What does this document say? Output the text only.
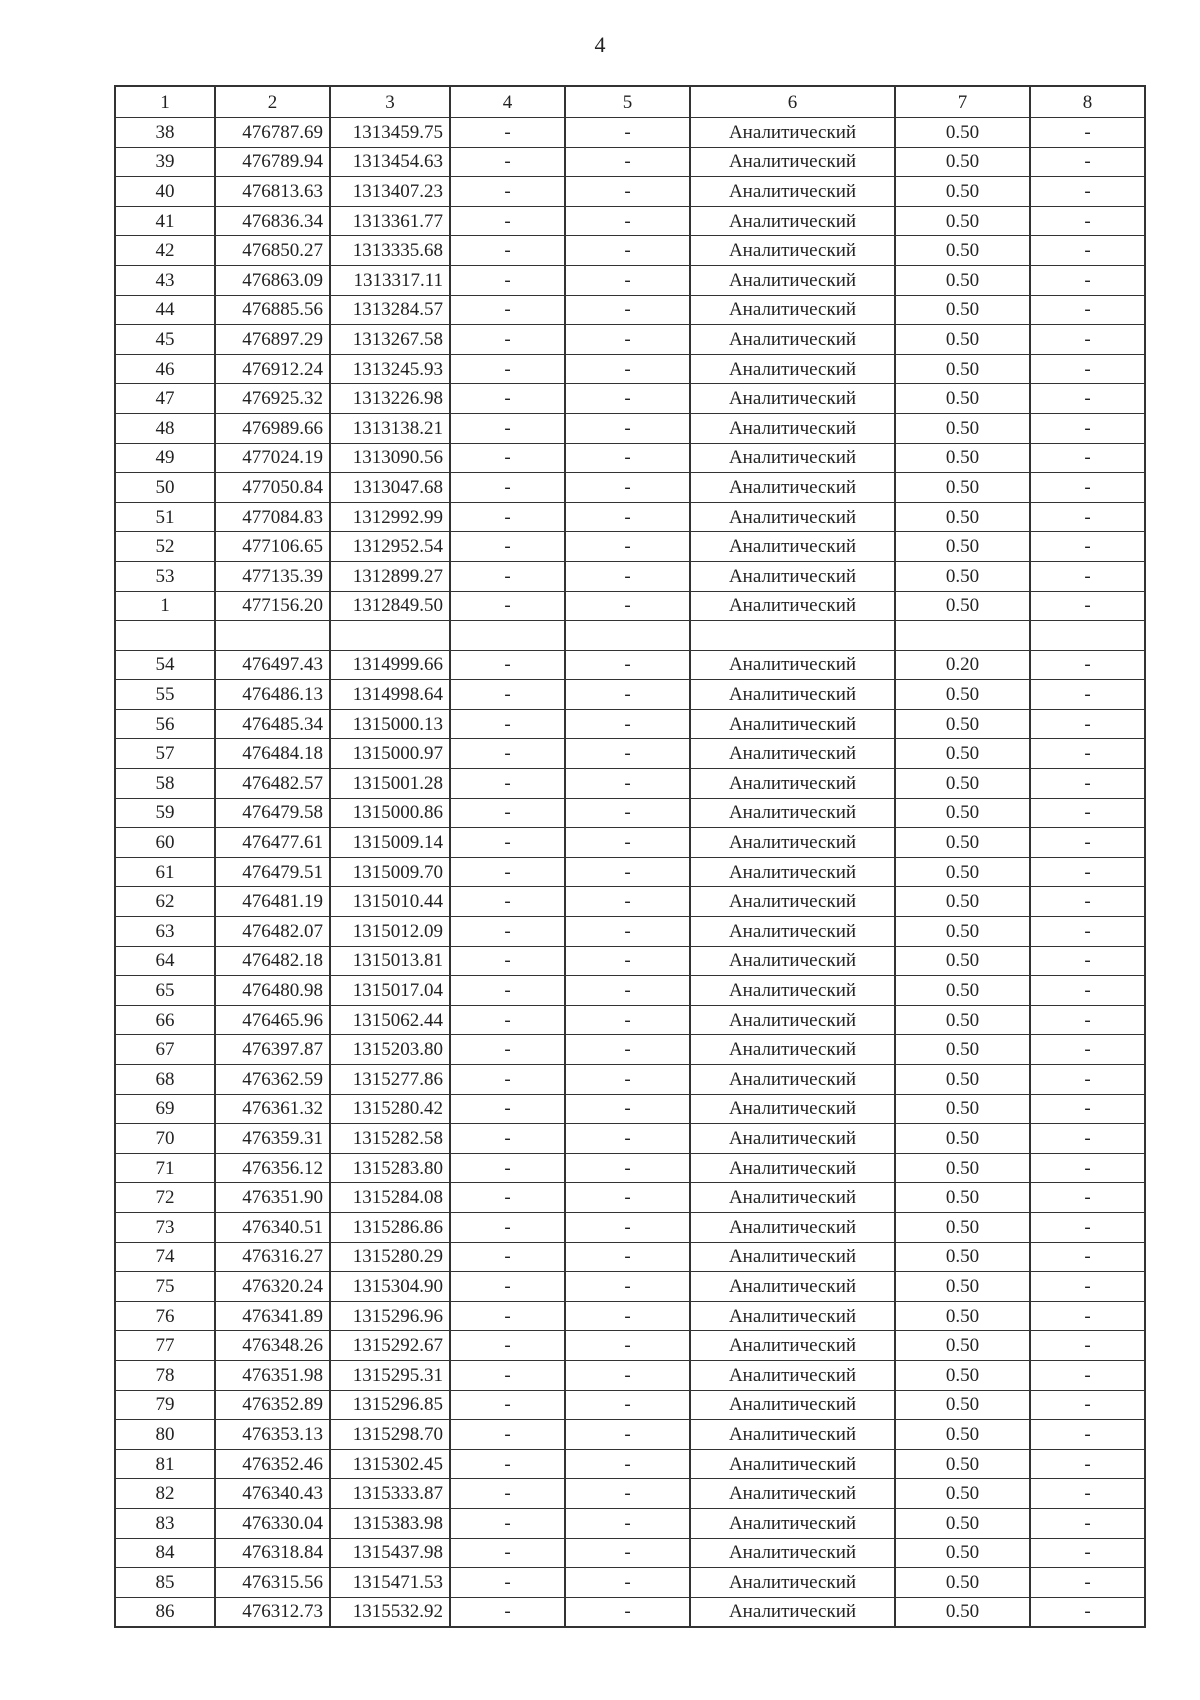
4
1	2	3	4	5	6	7	8
38	476787.69	1313459.75	-	-	Аналитический	0.50	-
39	476789.94	1313454.63	-	-	Аналитический	0.50	-
40	476813.63	1313407.23	-	-	Аналитический	0.50	-
41	476836.34	1313361.77	-	-	Аналитический	0.50	-
42	476850.27	1313335.68	-	-	Аналитический	0.50	-
43	476863.09	1313317.11	-	-	Аналитический	0.50	-
44	476885.56	1313284.57	-	-	Аналитический	0.50	-
45	476897.29	1313267.58	-	-	Аналитический	0.50	-
46	476912.24	1313245.93	-	-	Аналитический	0.50	-
47	476925.32	1313226.98	-	-	Аналитический	0.50	-
48	476989.66	1313138.21	-	-	Аналитический	0.50	-
49	477024.19	1313090.56	-	-	Аналитический	0.50	-
50	477050.84	1313047.68	-	-	Аналитический	0.50	-
51	477084.83	1312992.99	-	-	Аналитический	0.50	-
52	477106.65	1312952.54	-	-	Аналитический	0.50	-
53	477135.39	1312899.27	-	-	Аналитический	0.50	-
1	477156.20	1312849.50	-	-	Аналитический	0.50	-

54	476497.43	1314999.66	-	-	Аналитический	0.20	-
55	476486.13	1314998.64	-	-	Аналитический	0.50	-
56	476485.34	1315000.13	-	-	Аналитический	0.50	-
57	476484.18	1315000.97	-	-	Аналитический	0.50	-
58	476482.57	1315001.28	-	-	Аналитический	0.50	-
59	476479.58	1315000.86	-	-	Аналитический	0.50	-
60	476477.61	1315009.14	-	-	Аналитический	0.50	-
61	476479.51	1315009.70	-	-	Аналитический	0.50	-
62	476481.19	1315010.44	-	-	Аналитический	0.50	-
63	476482.07	1315012.09	-	-	Аналитический	0.50	-
64	476482.18	1315013.81	-	-	Аналитический	0.50	-
65	476480.98	1315017.04	-	-	Аналитический	0.50	-
66	476465.96	1315062.44	-	-	Аналитический	0.50	-
67	476397.87	1315203.80	-	-	Аналитический	0.50	-
68	476362.59	1315277.86	-	-	Аналитический	0.50	-
69	476361.32	1315280.42	-	-	Аналитический	0.50	-
70	476359.31	1315282.58	-	-	Аналитический	0.50	-
71	476356.12	1315283.80	-	-	Аналитический	0.50	-
72	476351.90	1315284.08	-	-	Аналитический	0.50	-
73	476340.51	1315286.86	-	-	Аналитический	0.50	-
74	476316.27	1315280.29	-	-	Аналитический	0.50	-
75	476320.24	1315304.90	-	-	Аналитический	0.50	-
76	476341.89	1315296.96	-	-	Аналитический	0.50	-
77	476348.26	1315292.67	-	-	Аналитический	0.50	-
78	476351.98	1315295.31	-	-	Аналитический	0.50	-
79	476352.89	1315296.85	-	-	Аналитический	0.50	-
80	476353.13	1315298.70	-	-	Аналитический	0.50	-
81	476352.46	1315302.45	-	-	Аналитический	0.50	-
82	476340.43	1315333.87	-	-	Аналитический	0.50	-
83	476330.04	1315383.98	-	-	Аналитический	0.50	-
84	476318.84	1315437.98	-	-	Аналитический	0.50	-
85	476315.56	1315471.53	-	-	Аналитический	0.50	-
86	476312.73	1315532.92	-	-	Аналитический	0.50	-
